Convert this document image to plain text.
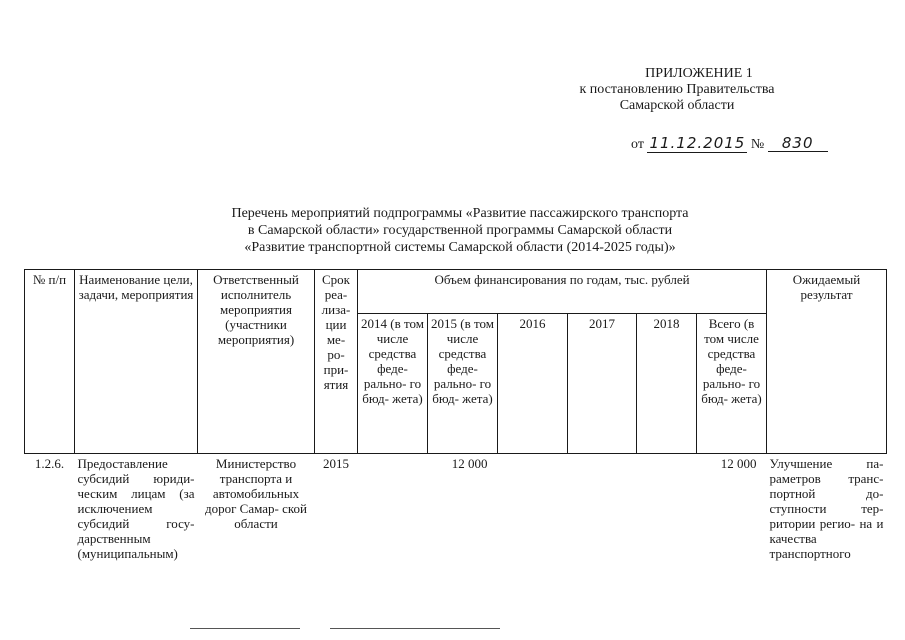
ПРИЛОЖЕНИЕ 1
к постановлению Правительства
Самарской области
от 11.12.2015 № 830
Перечень мероприятий подпрограммы «Развитие пассажирского транспорта
в Самарской области» государственной программы Самарской области
«Развитие транспортной системы Самарской области (2014-2025 годы)»
№ п/п	Наименование цели, задачи, мероприятия	Ответственный исполнитель мероприятия (участники мероприятия)	Срок реа- лиза- ции ме- ро- при- ятия	Объем финансирования по годам, тыс. рублей						Ожидаемый результат
				2014 (в том числе средства феде- рально- го бюд- жета)	2015 (в том числе средства феде- рально- го бюд- жета)	2016	2017	2018	Всего (в том числе средства феде- рально- го бюд- жета)	
1.2.6.	Предоставление субсидий юриди- ческим лицам (за исключением субсидий госу- дарственным (муниципальным)	Министерство транспорта и автомобильных дорог Самар- ской области	2015		12 000				12 000	Улучшение па- раметров транс- портной до- ступности тер- ритории регио- на и качества транспортного
